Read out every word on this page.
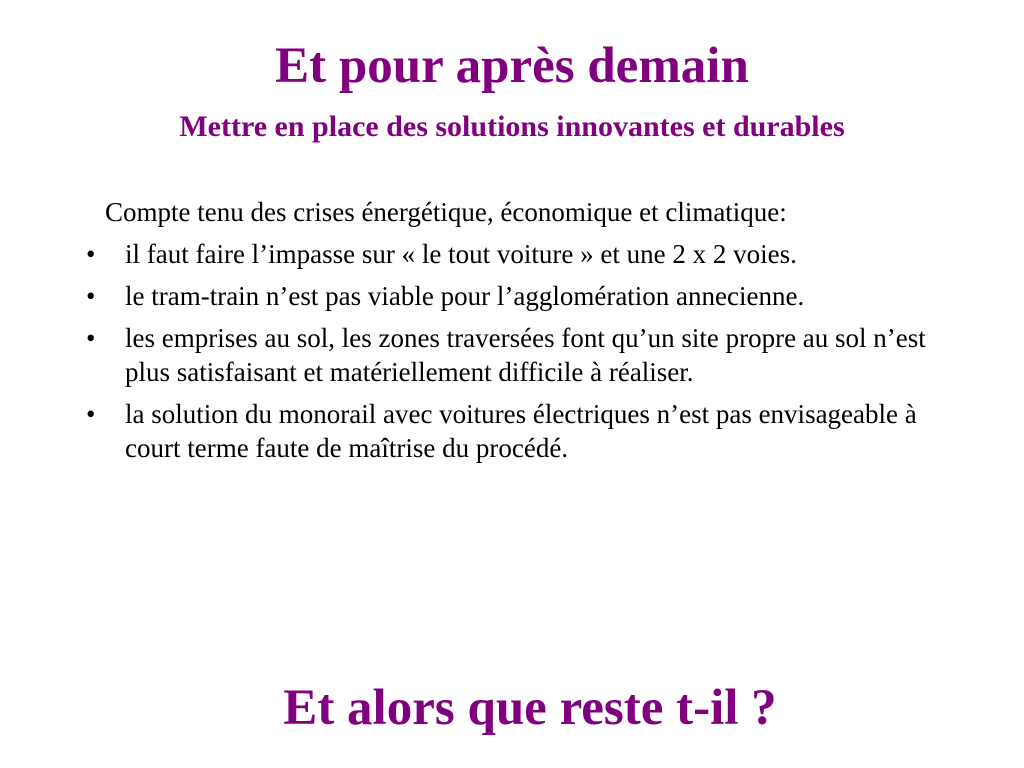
Et pour après demain
Mettre en place des solutions innovantes et durables

Compte tenu des crises énergétique, économique et climatique:

• il faut faire l’impasse sur « le tout voiture » et une 2 x 2 voies.
• le tram-train n’est pas viable pour l’agglomération annecienne.
• les emprises au sol, les zones traversées font qu’un site propre au sol n’est plus satisfaisant et matériellement difficile à réaliser.
• la solution du monorail avec voitures électriques n’est pas envisageable à court terme faute de maîtrise du procédé.
Et alors que reste t-il ?
